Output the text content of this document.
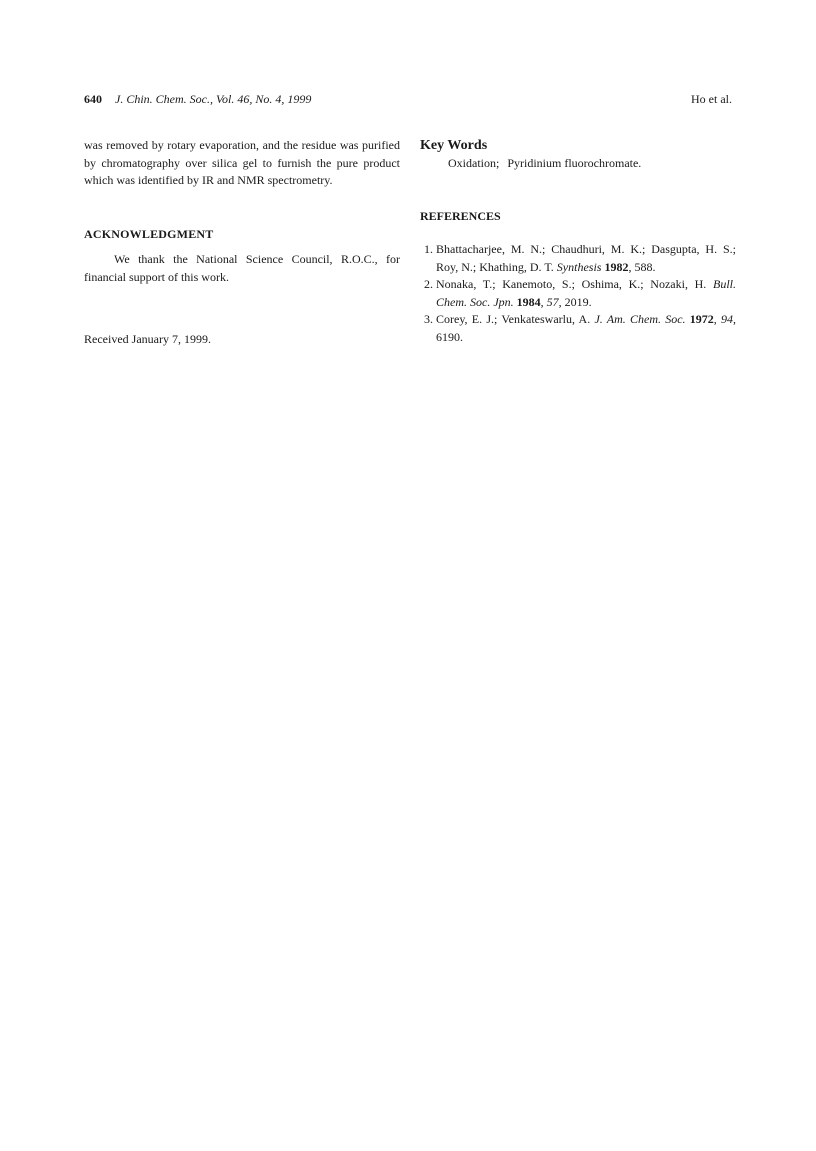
640 J. Chin. Chem. Soc., Vol. 46, No. 4, 1999	Ho et al.

was removed by rotary evaporation, and the residue was purified by chromatography over silica gel to furnish the pure product which was identified by IR and NMR spectrometry.

ACKNOWLEDGMENT

We thank the National Science Council, R.O.C., for financial support of this work.

Received January 7, 1999.

Key Words

Oxidation; Pyridinium fluorochromate.

REFERENCES
1. Bhattacharjee, M. N.; Chaudhuri, M. K.; Dasgupta, H. S.; Roy, N.; Khathing, D. T. Synthesis 1982, 588.
2. Nonaka, T.; Kanemoto, S.; Oshima, K.; Nozaki, H. Bull. Chem. Soc. Jpn. 1984, 57, 2019.
3. Corey, E. J.; Venkateswarlu, A. J. Am. Chem. Soc. 1972, 94, 6190.
